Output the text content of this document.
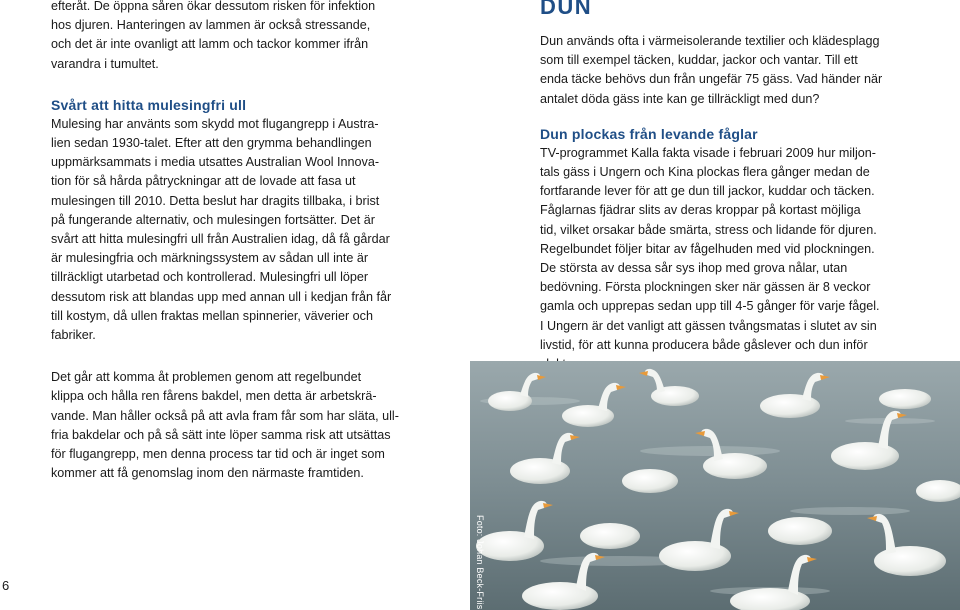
efteråt. De öppna såren ökar dessutom risken för infektion
hos djuren. Hanteringen av lammen är också stressande,
och det är inte ovanligt att lamm och tackor kommer ifrån
varandra i tumultet.

Svårt att hitta mulesingfri ull

Mulesing har använts som skydd mot flugangrepp i Austra-
lien sedan 1930-talet. Efter att den grymma behandlingen
uppmärksammats i media utsattes Australian Wool Innova-
tion för så hårda påtryckningar att de lovade att fasa ut
mulesingen till 2010. Detta beslut har dragits tillbaka, i brist
på fungerande alternativ, och mulesingen fortsätter. Det är
svårt att hitta mulesingfri ull från Australien idag, då få gårdar
är mulesingfria och märkningssystem av sådan ull inte är
tillräckligt utarbetad och kontrollerad. Mulesingfri ull löper
dessutom risk att blandas upp med annan ull i kedjan från får
till kostym, då ullen fraktas mellan spinnerier, väverier och
fabriker.

Det går att komma åt problemen genom att regelbundet
klippa och hålla ren fårens bakdel, men detta är arbetskrä-
vande. Man håller också på att avla fram får som har släta, ull-
fria bakdelar och på så sätt inte löper samma risk att utsättas
för flugangrepp, men denna process tar tid och är inget som
kommer att få genomslag inom den närmaste framtiden.

DUN

Dun används ofta i värmeisolerande textilier och klädesplagg
som till exempel täcken, kuddar, jackor och vantar. Till ett
enda täcke behövs dun från ungefär 75 gäss. Vad händer när
antalet döda gäss inte kan ge tillräckligt med dun?

Dun plockas från levande fåglar

TV-programmet Kalla fakta visade i februari 2009 hur miljon-
tals gäss i Ungern och Kina plockas flera gånger medan de
fortfarande lever för att ge dun till jackor, kuddar och täcken.
Fåglarnas fjädrar slits av deras kroppar på kortast möjliga
tid, vilket orsakar både smärta, stress och lidande för djuren.
Regelbundet följer bitar av fågelhuden med vid plockningen.
De största av dessa sår sys ihop med grova nålar, utan
bedövning. Första plockningen sker när gässen är 8 veckor
gamla och upprepas sedan upp till 4-5 gånger för varje fågel.
I Ungern är det vanligt att gässen tvångsmatas i slutet av sin
livstid, för att kunna producera både gåslever och dun inför

Foto: Johan Beck-Friis
6
